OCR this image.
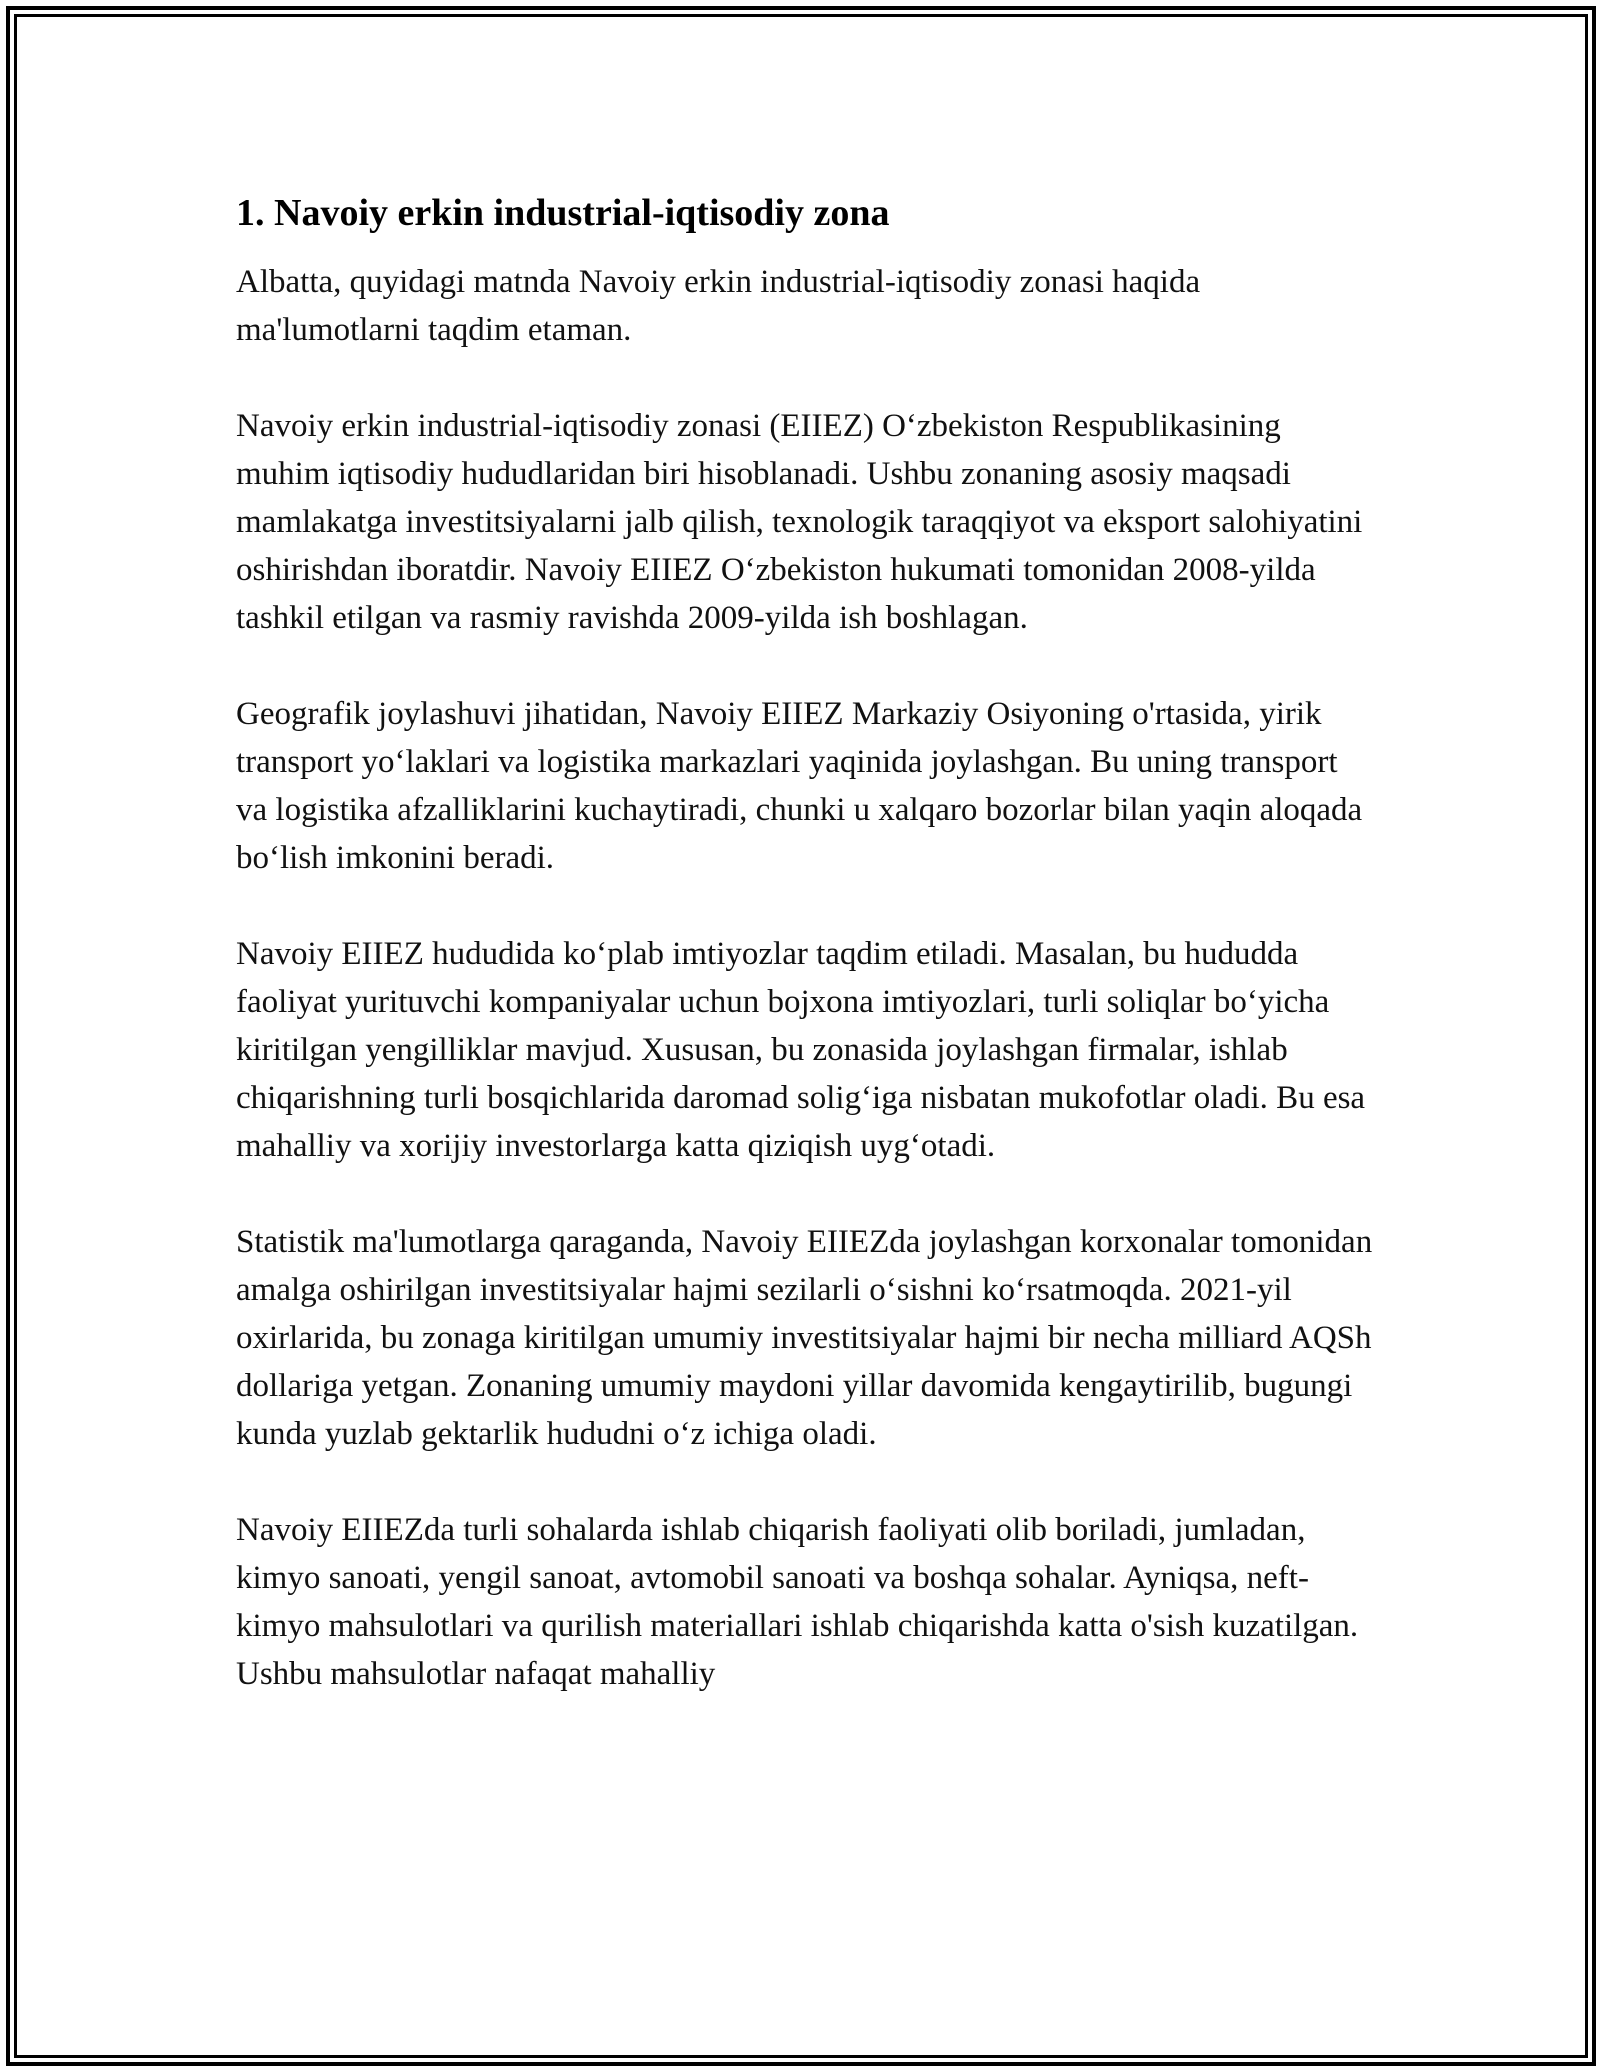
1. Navoiy erkin industrial-iqtisodiy zona

Albatta, quyidagi matnda Navoiy erkin industrial-iqtisodiy zonasi haqida ma'lumotlarni taqdim etaman.

Navoiy erkin industrial-iqtisodiy zonasi (EIIEZ) O‘zbekiston Respublikasining muhim iqtisodiy hududlaridan biri hisoblanadi. Ushbu zonaning asosiy maqsadi mamlakatga investitsiyalarni jalb qilish, texnologik taraqqiyot va eksport salohiyatini oshirishdan iboratdir. Navoiy EIIEZ O‘zbekiston hukumati tomonidan 2008-yilda tashkil etilgan va rasmiy ravishda 2009-yilda ish boshlagan.

Geografik joylashuvi jihatidan, Navoiy EIIEZ Markaziy Osiyoning o'rtasida, yirik transport yo‘laklari va logistika markazlari yaqinida joylashgan. Bu uning transport va logistika afzalliklarini kuchaytiradi, chunki u xalqaro bozorlar bilan yaqin aloqada bo‘lish imkonini beradi.

Navoiy EIIEZ hududida ko‘plab imtiyozlar taqdim etiladi. Masalan, bu hududda faoliyat yurituvchi kompaniyalar uchun bojxona imtiyozlari, turli soliqlar bo‘yicha kiritilgan yengilliklar mavjud. Xususan, bu zonasida joylashgan firmalar, ishlab chiqarishning turli bosqichlarida daromad solig‘iga nisbatan mukofotlar oladi. Bu esa mahalliy va xorijiy investorlarga katta qiziqish uyg‘otadi.

Statistik ma'lumotlarga qaraganda, Navoiy EIIEZda joylashgan korxonalar tomonidan amalga oshirilgan investitsiyalar hajmi sezilarli o‘sishni ko‘rsatmoqda. 2021-yil oxirlarida, bu zonaga kiritilgan umumiy investitsiyalar hajmi bir necha milliard AQSh dollariga yetgan. Zonaning umumiy maydoni yillar davomida kengaytirilib, bugungi kunda yuzlab gektarlik hududni o‘z ichiga oladi.

Navoiy EIIEZda turli sohalarda ishlab chiqarish faoliyati olib boriladi, jumladan, kimyo sanoati, yengil sanoat, avtomobil sanoati va boshqa sohalar. Ayniqsa, neft-kimyo mahsulotlari va qurilish materiallari ishlab chiqarishda katta o'sish kuzatilgan. Ushbu mahsulotlar nafaqat mahalliy
